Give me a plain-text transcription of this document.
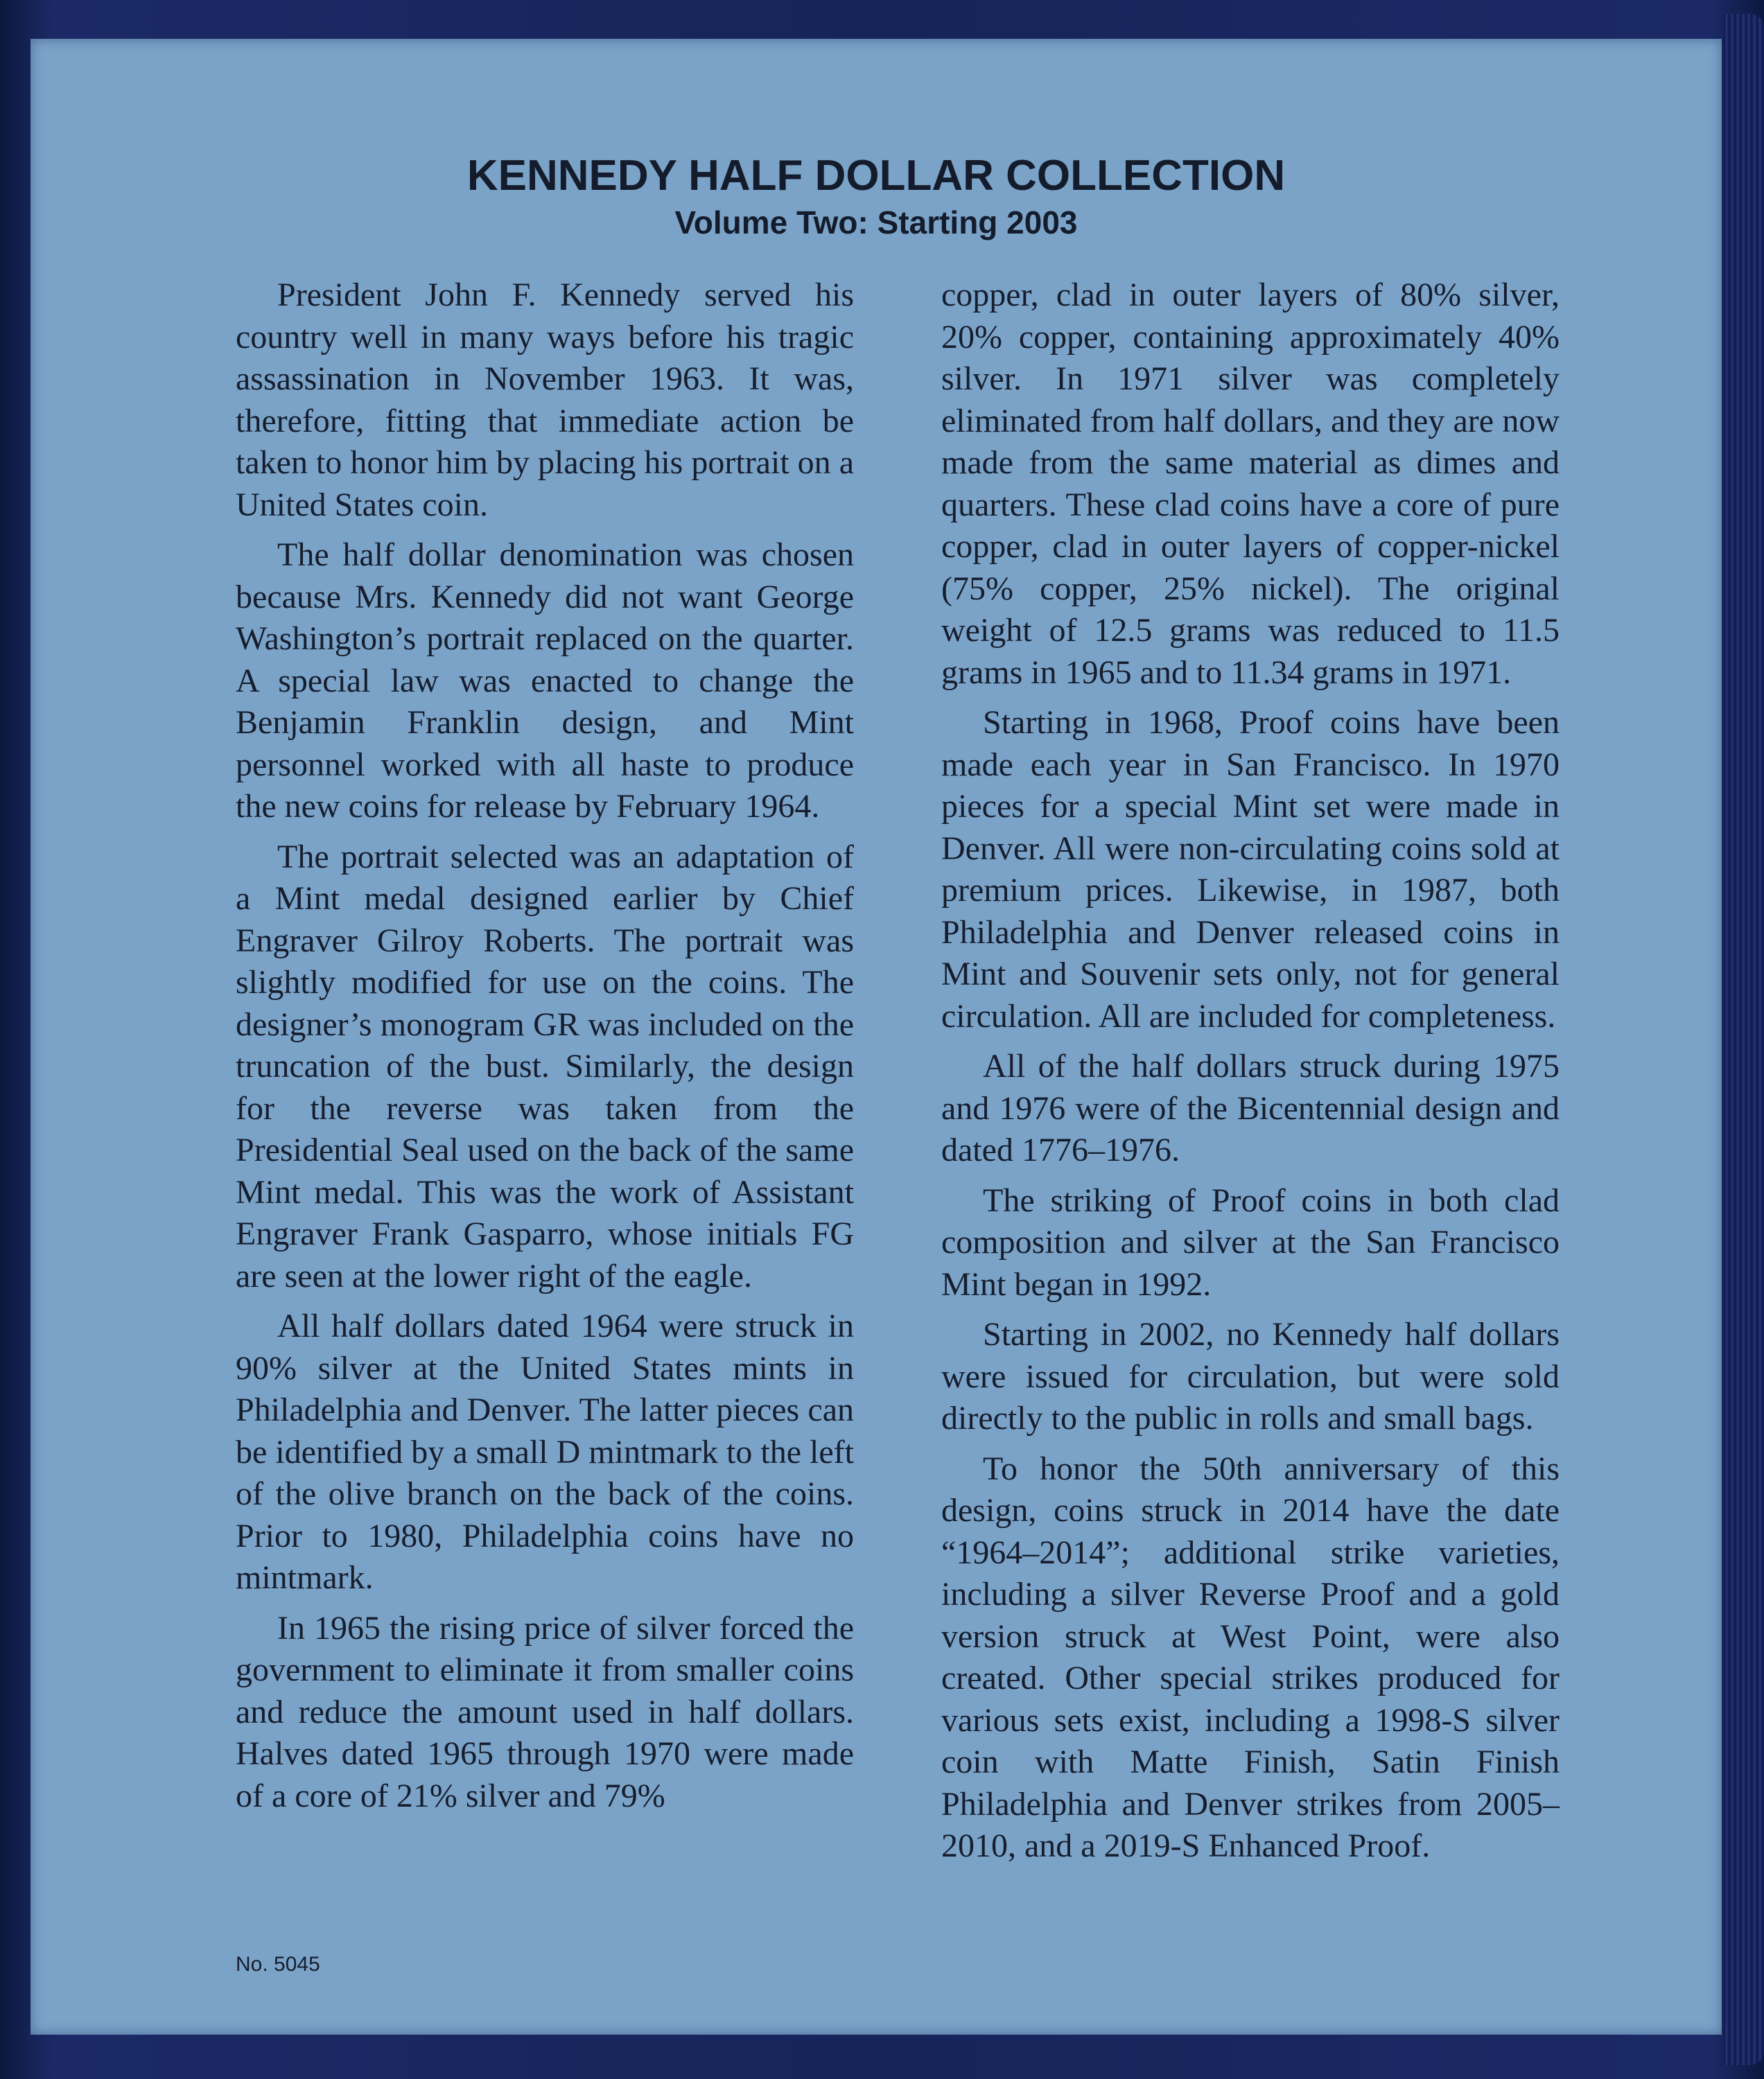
KENNEDY HALF DOLLAR COLLECTION
Volume Two: Starting 2003

President John F. Kennedy served his country well in many ways before his tragic assassination in November 1963. It was, therefore, fitting that immediate action be taken to honor him by placing his portrait on a United States coin.

The half dollar denomination was chosen because Mrs. Kennedy did not want George Washington’s portrait replaced on the quarter. A special law was enacted to change the Benjamin Franklin design, and Mint personnel worked with all haste to produce the new coins for release by February 1964.

The portrait selected was an adaptation of a Mint medal designed earlier by Chief Engraver Gilroy Roberts. The portrait was slightly modified for use on the coins. The designer’s monogram GR was included on the truncation of the bust. Similarly, the design for the reverse was taken from the Presidential Seal used on the back of the same Mint medal. This was the work of Assistant Engraver Frank Gasparro, whose initials FG are seen at the lower right of the eagle.

All half dollars dated 1964 were struck in 90% silver at the United States mints in Philadelphia and Denver. The latter pieces can be identified by a small D mintmark to the left of the olive branch on the back of the coins. Prior to 1980, Philadelphia coins have no mintmark.

In 1965 the rising price of silver forced the government to eliminate it from smaller coins and reduce the amount used in half dollars. Halves dated 1965 through 1970 were made of a core of 21% silver and 79%

copper, clad in outer layers of 80% silver, 20% copper, containing approximately 40% silver. In 1971 silver was completely eliminated from half dollars, and they are now made from the same material as dimes and quarters. These clad coins have a core of pure copper, clad in outer layers of copper-nickel (75% copper, 25% nickel). The original weight of 12.5 grams was reduced to 11.5 grams in 1965 and to 11.34 grams in 1971.

Starting in 1968, Proof coins have been made each year in San Francisco. In 1970 pieces for a special Mint set were made in Denver. All were non-circulating coins sold at premium prices. Likewise, in 1987, both Philadelphia and Denver released coins in Mint and Souvenir sets only, not for general circulation. All are included for completeness.

All of the half dollars struck during 1975 and 1976 were of the Bicentennial design and dated 1776–1976.

The striking of Proof coins in both clad composition and silver at the San Francisco Mint began in 1992.

Starting in 2002, no Kennedy half dollars were issued for circulation, but were sold directly to the public in rolls and small bags.

To honor the 50th anniversary of this design, coins struck in 2014 have the date “1964–2014”; additional strike varieties, including a silver Reverse Proof and a gold version struck at West Point, were also created. Other special strikes produced for various sets exist, including a 1998-S silver coin with Matte Finish, Satin Finish Philadelphia and Denver strikes from 2005–2010, and a 2019-S Enhanced Proof.

No. 5045
